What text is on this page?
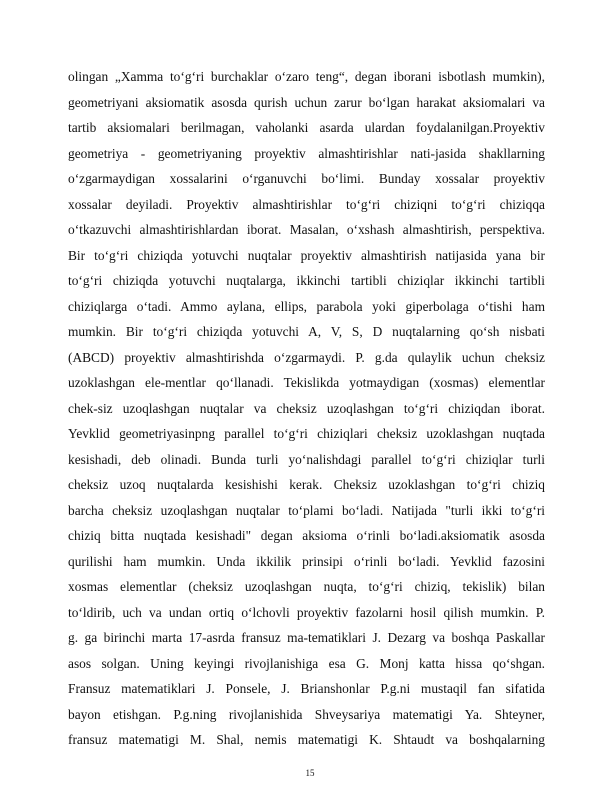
olingan „Xamma to‘g‘ri burchaklar o‘zaro teng“, degan iborani isbotlash mumkin),
geometriyani aksiomatik asosda qurish uchun zarur bo‘lgan harakat aksiomalari va
tartib aksiomalari berilmagan, vaholanki asarda ulardan foydalanilgan.Proyektiv
geometriya - geometriyaning proyektiv almashtirishlar nati-jasida shakllarning
o‘zgarmaydigan xossalarini o‘rganuvchi bo‘limi. Bunday xossalar proyektiv
xossalar deyiladi. Proyektiv almashtirishlar to‘g‘ri chiziqni to‘g‘ri chiziqqa
o‘tkazuvchi almashtirishlardan iborat. Masalan, o‘xshash almashtirish, perspektiva.
Bir to‘g‘ri chiziqda yotuvchi nuqtalar proyektiv almashtirish natijasida yana bir
to‘g‘ri chiziqda yotuvchi nuqtalarga, ikkinchi tartibli chiziqlar ikkinchi tartibli
chiziqlarga o‘tadi. Ammo aylana, ellips, parabola yoki giperbolaga o‘tishi ham
mumkin. Bir to‘g‘ri chiziqda yotuvchi A, V, S, D nuqtalarning qo‘sh nisbati
(ABCD) proyektiv almashtirishda o‘zgarmaydi. P. g.da qulaylik uchun cheksiz
uzoklashgan ele-mentlar qo‘llanadi. Tekislikda yotmaydigan (xosmas) elementlar
chek-siz uzoqlashgan nuqtalar va cheksiz uzoqlashgan to‘g‘ri chiziqdan iborat.
Yevklid geometriyasinpng parallel to‘g‘ri chiziqlari cheksiz uzoklashgan nuqtada
kesishadi, deb olinadi. Bunda turli yo‘nalishdagi parallel to‘g‘ri chiziqlar turli
cheksiz uzoq nuqtalarda kesishishi kerak. Cheksiz uzoklashgan to‘g‘ri chiziq
barcha cheksiz uzoqlashgan nuqtalar to‘plami bo‘ladi. Natijada "turli ikki to‘g‘ri
chiziq bitta nuqtada kesishadi" degan aksioma o‘rinli bo‘ladi.aksiomatik asosda
qurilishi ham mumkin. Unda ikkilik prinsipi o‘rinli bo‘ladi. Yevklid fazosini
xosmas elementlar (cheksiz uzoqlashgan nuqta, to‘g‘ri chiziq, tekislik) bilan
to‘ldirib, uch va undan ortiq o‘lchovli proyektiv fazolarni hosil qilish mumkin. P.
g. ga birinchi marta 17-asrda fransuz ma-tematiklari J. Dezarg va boshqa Paskallar
asos solgan. Uning keyingi rivojlanishiga esa G. Monj katta hissa qo‘shgan.
Fransuz matematiklari J. Ponsele, J. Brianshonlar P.g.ni mustaqil fan sifatida
bayon etishgan. P.g.ning rivojlanishida Shveysariya matematigi Ya. Shteyner,
fransuz matematigi M. Shal, nemis matematigi K. Shtaudt va boshqalarning
15
